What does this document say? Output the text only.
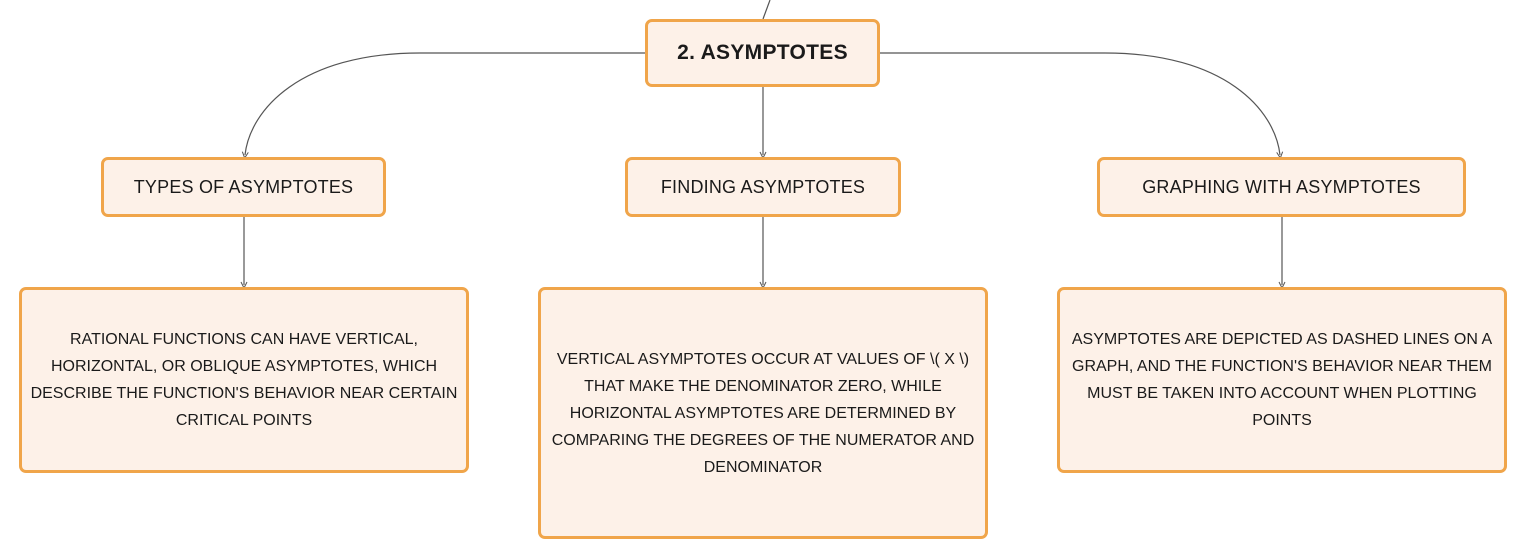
2. ASYMPTOTES
TYPES OF ASYMPTOTES	FINDING ASYMPTOTES	GRAPHING WITH ASYMPTOTES
RATIONAL FUNCTIONS CAN HAVE VERTICAL, HORIZONTAL, OR OBLIQUE ASYMPTOTES, WHICH DESCRIBE THE FUNCTION'S BEHAVIOR NEAR CERTAIN CRITICAL POINTS
VERTICAL ASYMPTOTES OCCUR AT VALUES OF \( X \) THAT MAKE THE DENOMINATOR ZERO, WHILE HORIZONTAL ASYMPTOTES ARE DETERMINED BY COMPARING THE DEGREES OF THE NUMERATOR AND DENOMINATOR
ASYMPTOTES ARE DEPICTED AS DASHED LINES ON A GRAPH, AND THE FUNCTION'S BEHAVIOR NEAR THEM MUST BE TAKEN INTO ACCOUNT WHEN PLOTTING POINTS
